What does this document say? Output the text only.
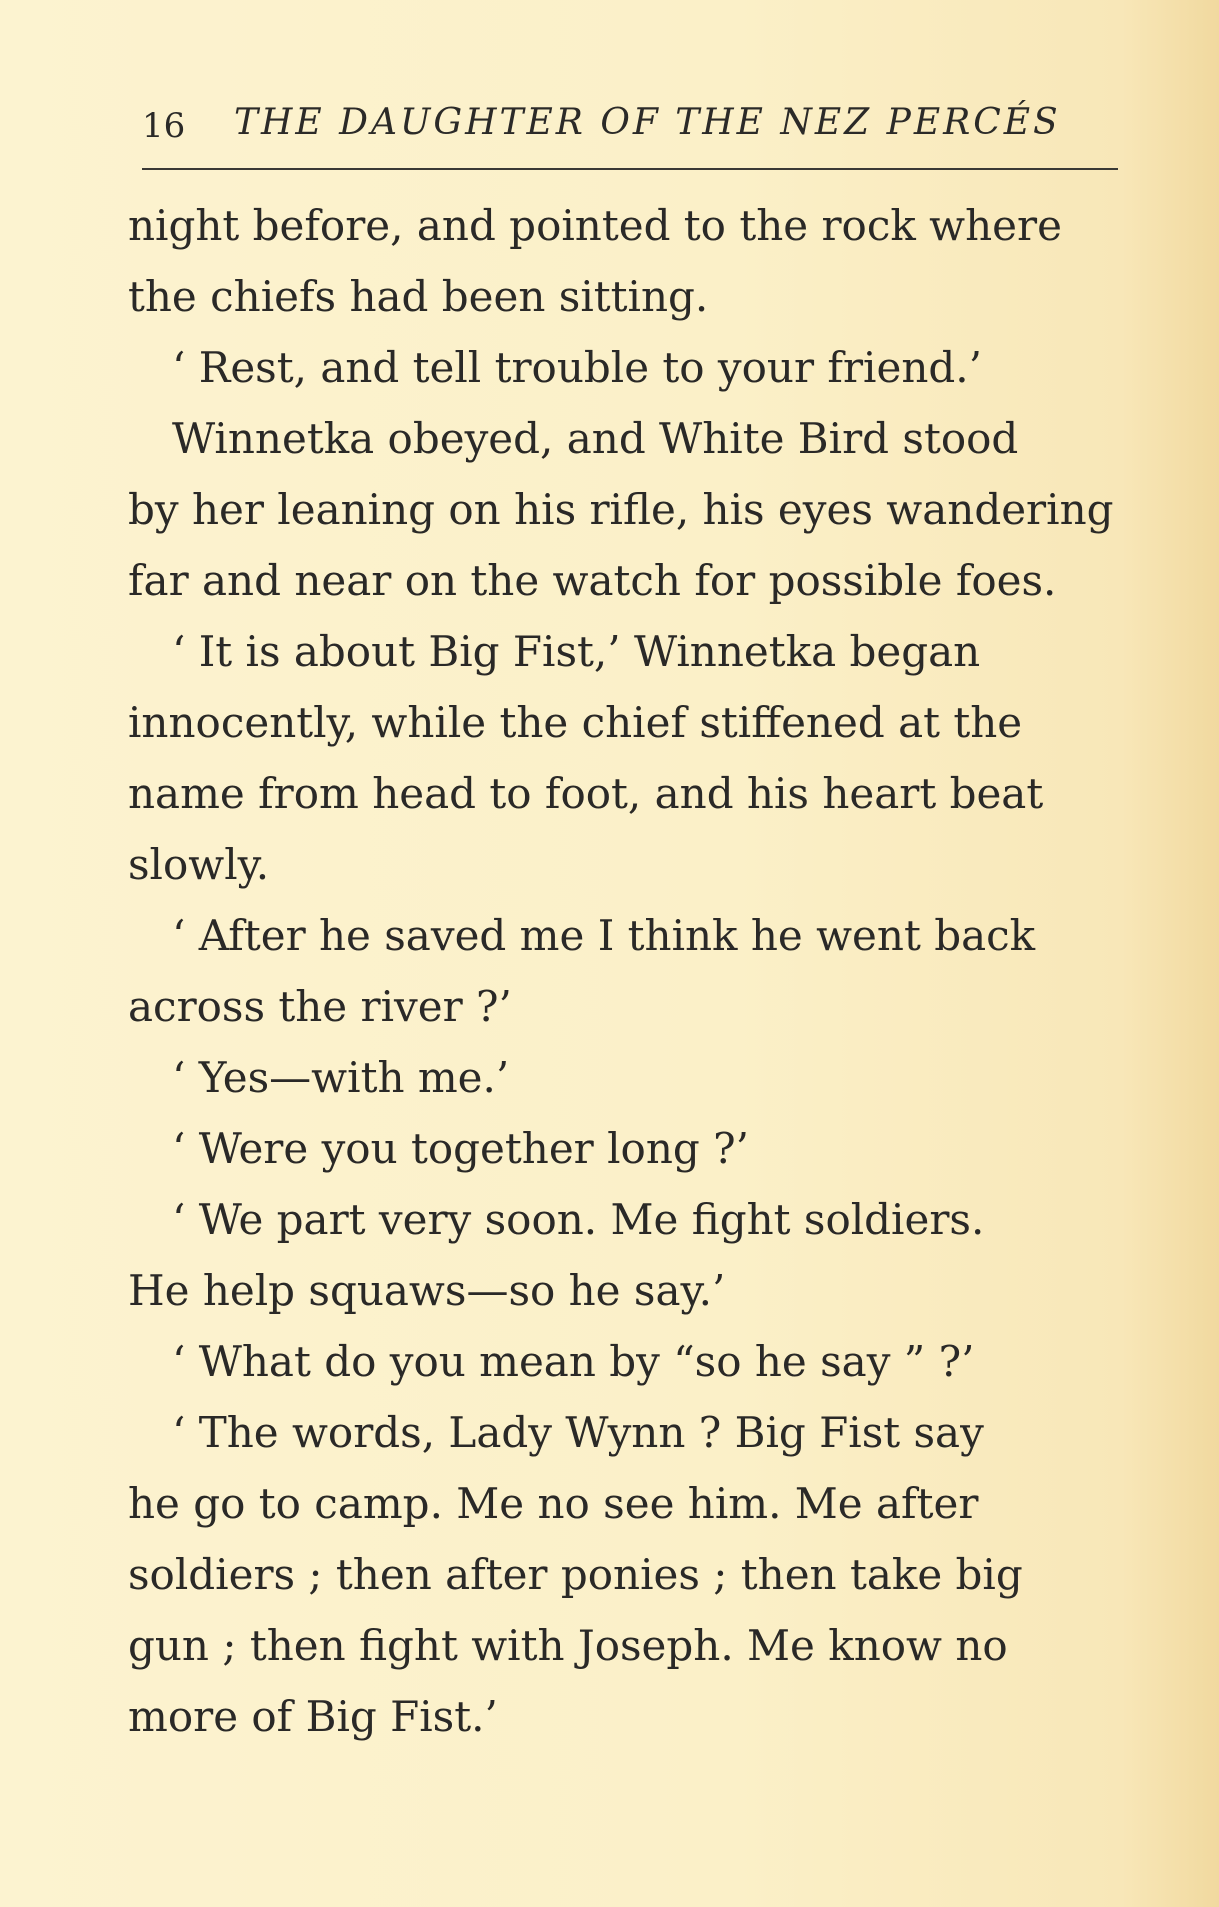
16 THE DAUGHTER OF THE NEZ PERCÉS
night before, and pointed to the rock where
the chiefs had been sitting.
‘ Rest, and tell trouble to your friend.’
Winnetka obeyed, and White Bird stood
by her leaning on his rifle, his eyes wandering
far and near on the watch for possible foes.
‘ It is about Big Fist,’ Winnetka began
innocently, while the chief stiffened at the
name from head to foot, and his heart beat
slowly.
‘ After he saved me I think he went back
across the river ?’
‘ Yes—with me.’
‘ Were you together long ?’
‘ We part very soon. Me fight soldiers.
He help squaws—so he say.’
‘ What do you mean by “so he say ” ?’
‘ The words, Lady Wynn ? Big Fist say
he go to camp. Me no see him. Me after
soldiers ; then after ponies ; then take big
gun ; then fight with Joseph. Me know no
more of Big Fist.’
